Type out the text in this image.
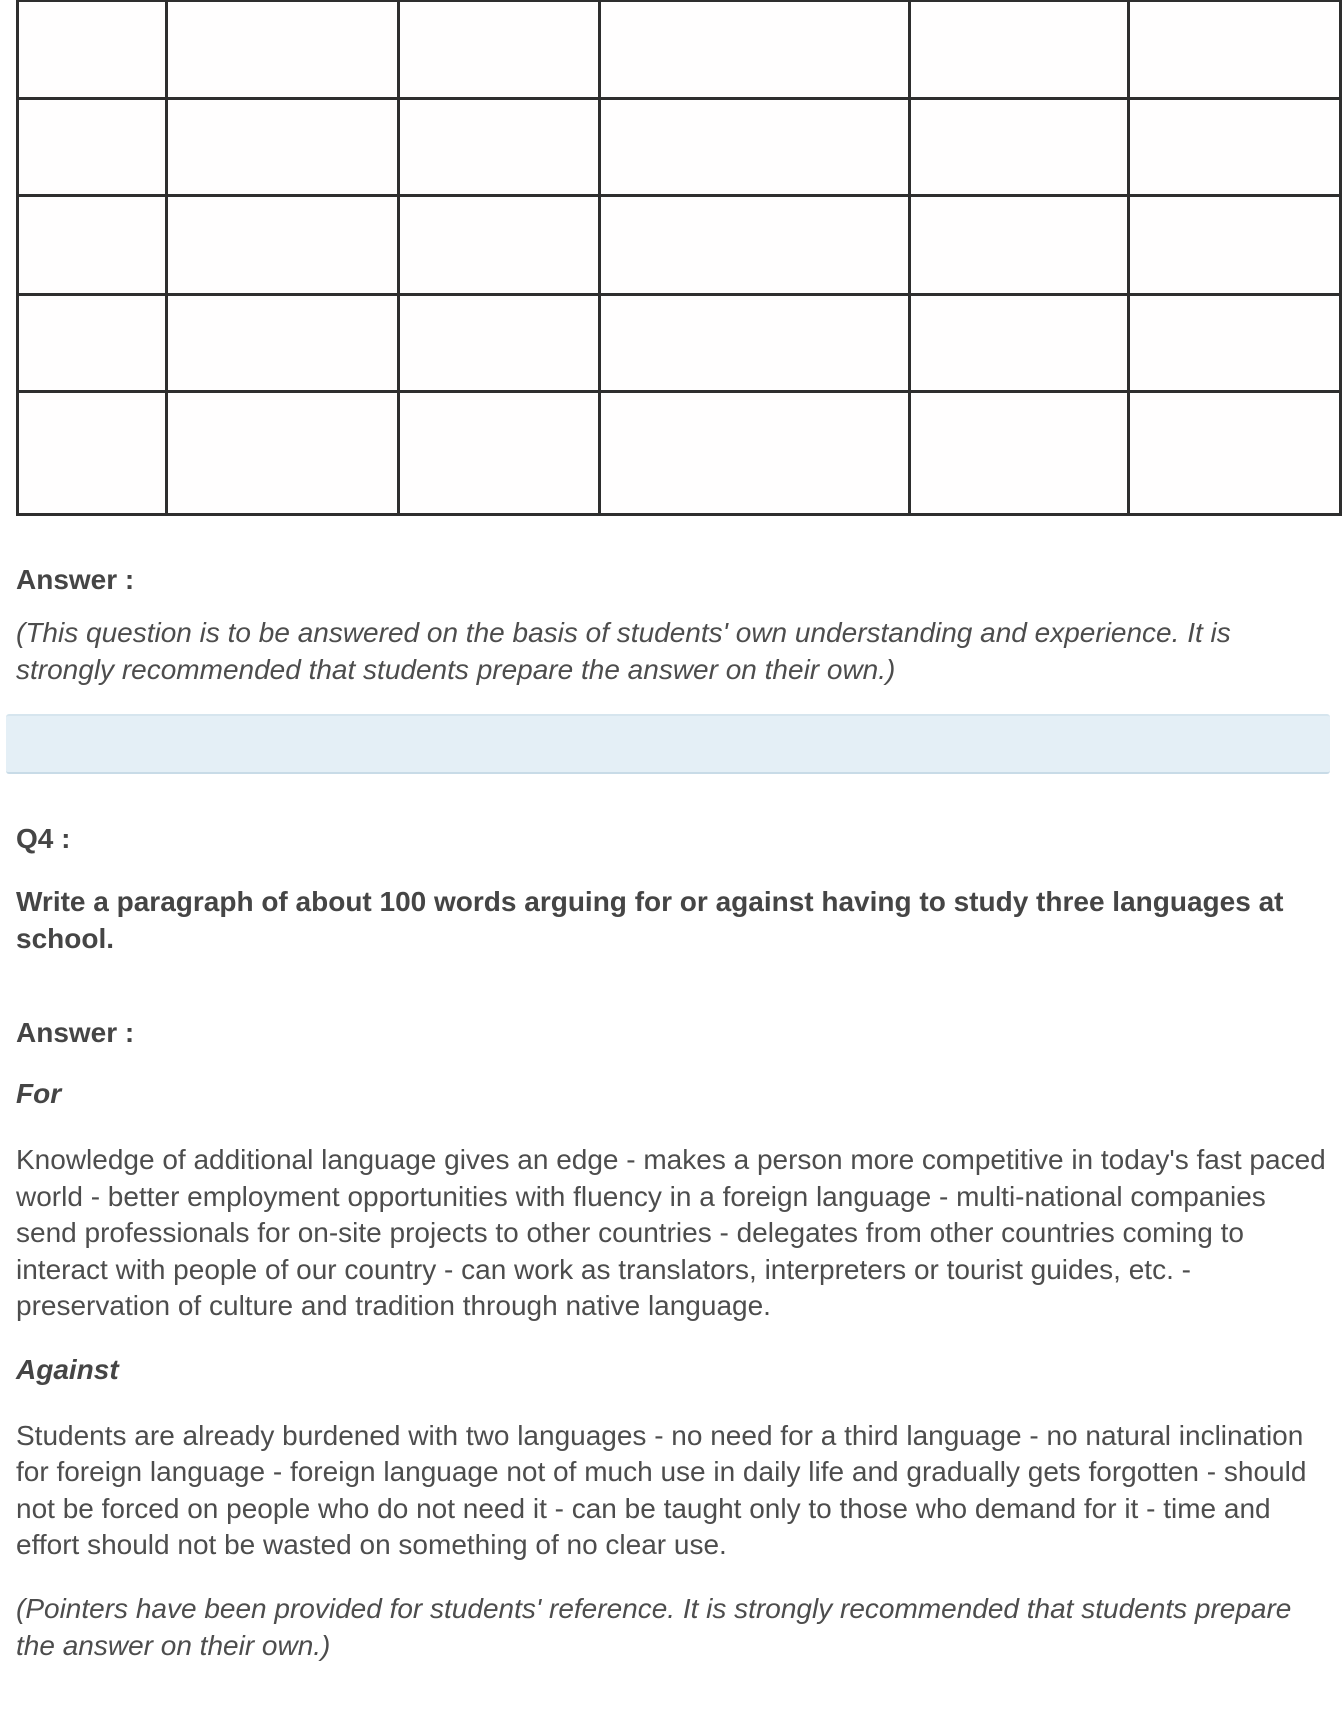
Answer :

(This question is to be answered on the basis of students' own understanding and experience. It is strongly recommended that students prepare the answer on their own.)

Q4 :

Write a paragraph of about 100 words arguing for or against having to study three languages at school.

Answer :

For

Knowledge of additional language gives an edge - makes a person more competitive in today's fast paced world - better employment opportunities with fluency in a foreign language - multi-national companies send professionals for on-site projects to other countries - delegates from other countries coming to interact with people of our country - can work as translators, interpreters or tourist guides, etc. - preservation of culture and tradition through native language.

Against

Students are already burdened with two languages - no need for a third language - no natural inclination for foreign language - foreign language not of much use in daily life and gradually gets forgotten - should not be forced on people who do not need it - can be taught only to those who demand for it - time and effort should not be wasted on something of no clear use.

(Pointers have been provided for students' reference. It is strongly recommended that students prepare the answer on their own.)
